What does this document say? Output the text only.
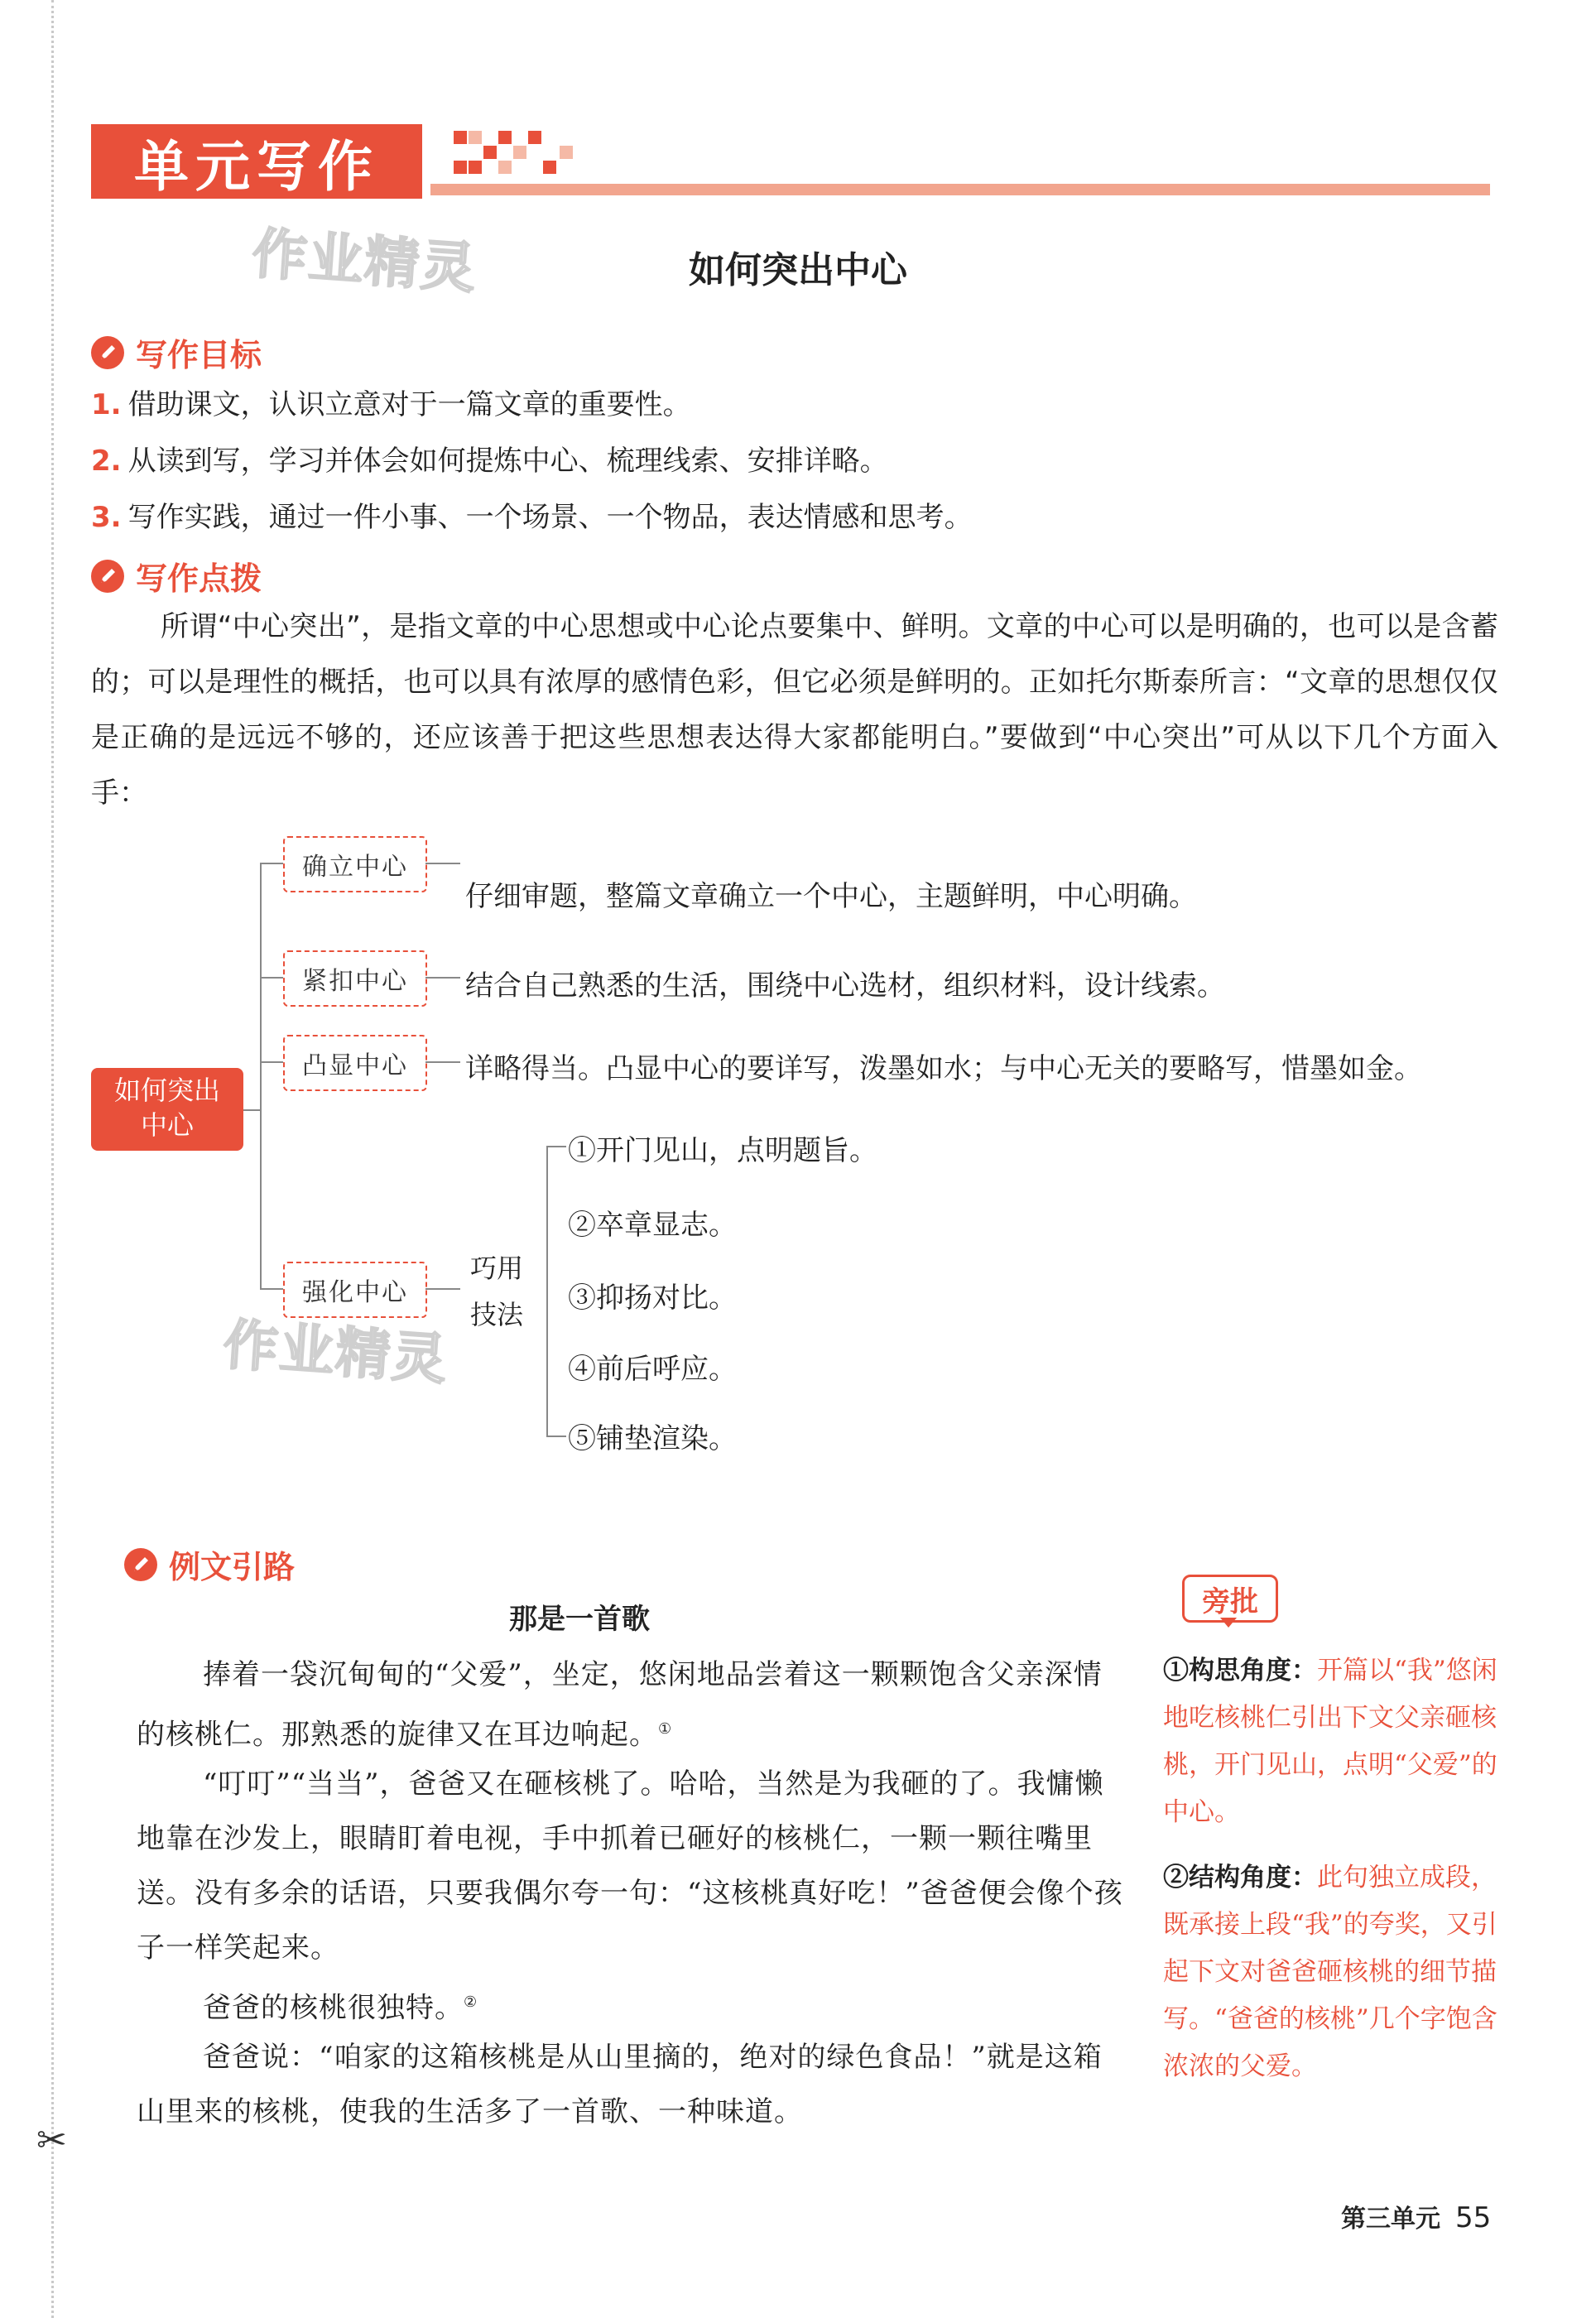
✂
单元写作
作业精灵	如何突出中心
写作目标
1. 借助课文，认识立意对于一篇文章的重要性。
2. 从读到写，学习并体会如何提炼中心、梳理线索、安排详略。
3. 写作实践，通过一件小事、一个场景、一个物品，表达情感和思考。
写作点拨
所谓“中心突出”，是指文章的中心思想或中心论点要集中、鲜明。文章的中心可以是明确的，也可以是含蓄的；可以是理性的概括，也可以具有浓厚的感情色彩，但它必须是鲜明的。正如托尔斯泰所言：“文章的思想仅仅是正确的是远远不够的，还应该善于把这些思想表达得大家都能明白。”要做到“中心突出”可从以下几个方面入手：
如何突出
中心
确立中心
仔细审题，整篇文章确立一个中心，主题鲜明，中心明确。
紧扣中心	结合自己熟悉的生活，围绕中心选材，组织材料，设计线索。
凸显中心	详略得当。凸显中心的要详写，泼墨如水；与中心无关的要略写，惜墨如金。
强化中心
巧用
技法
①开门见山，点明题旨。
②卒章显志。
③抑扬对比。
④前后呼应。
⑤铺垫渲染。
作业精灵
例文引路
那是一首歌
捧着一袋沉甸甸的“父爱”，坐定，悠闲地品尝着这一颗颗饱含父亲深情的核桃仁。那熟悉的旋律又在耳边响起。①
“叮叮”“当当”，爸爸又在砸核桃了。哈哈，当然是为我砸的了。我慵懒地靠在沙发上，眼睛盯着电视，手中抓着已砸好的核桃仁，一颗一颗往嘴里送。没有多余的话语，只要我偶尔夸一句：“这核桃真好吃！”爸爸便会像个孩子一样笑起来。
爸爸的核桃很独特。②
爸爸说：“咱家的这箱核桃是从山里摘的，绝对的绿色食品！”就是这箱山里来的核桃，使我的生活多了一首歌、一种味道。
旁批
①构思角度：开篇以“我”悠闲地吃核桃仁引出下文父亲砸核桃，开门见山，点明“父爱”的中心。
②结构角度：此句独立成段，既承接上段“我”的夸奖，又引起下文对爸爸砸核桃的细节描写。“爸爸的核桃”几个字饱含浓浓的父爱。
第三单元 55
